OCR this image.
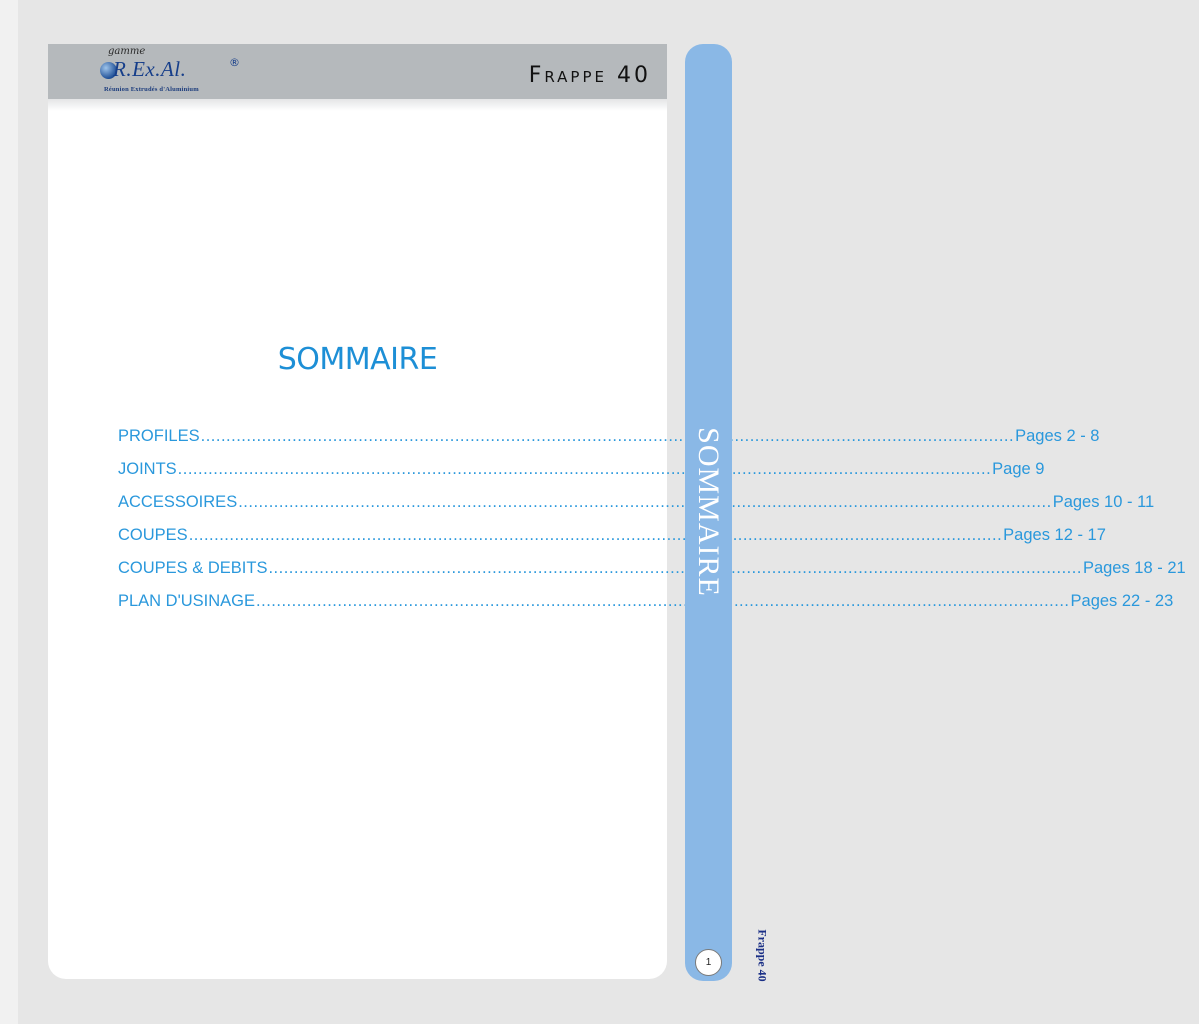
gamme
R.Ex.Al.	®
Réunion Extrudés d'Aluminium
Frappe 40
SOMMAIRE
PROFILES .....	Pages 2 - 8
JOINTS .....	Page 9
ACCESSOIRES .....	Pages 10 - 11
COUPES .....	Pages 12 - 17
COUPES & DEBITS .....	Pages 18 - 21
PLAN D'USINAGE .....	Pages 22 - 23
SOMMAIRE
1	Frappe 40
